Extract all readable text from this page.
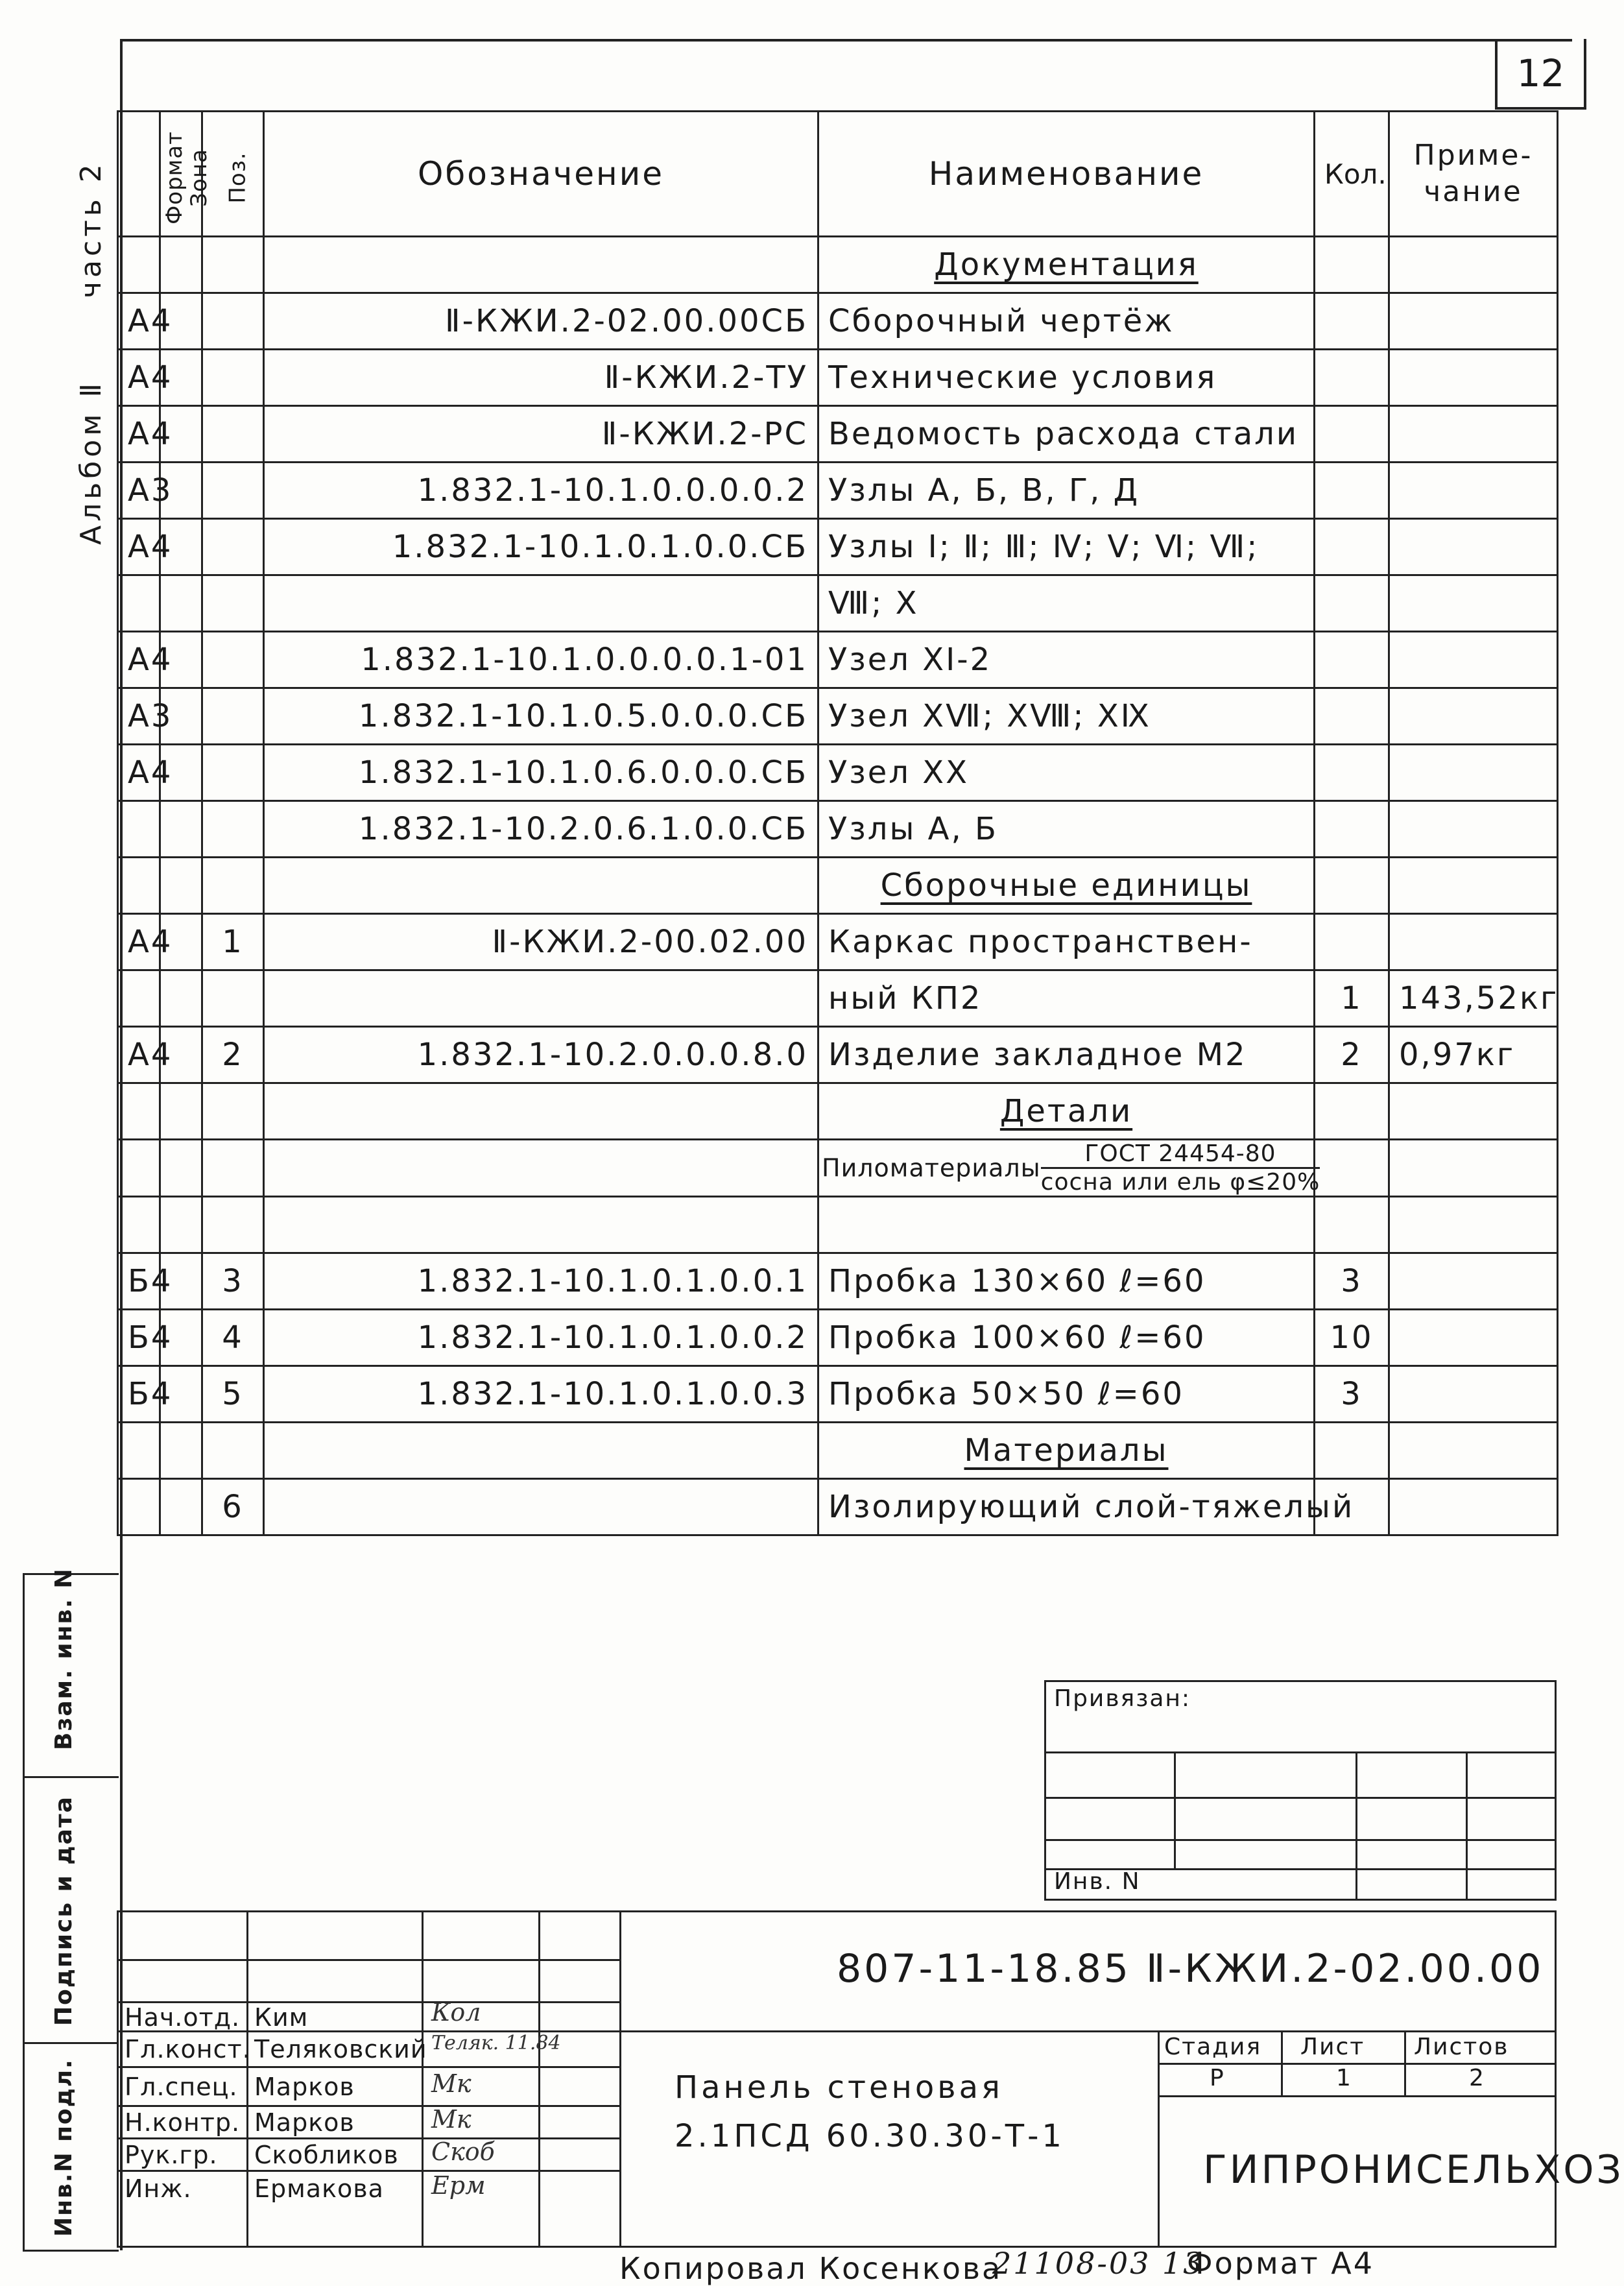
12
часть 2
Альбом Ⅱ
Формат	Зона	Поз.	Обозначение	Наименование	Кол.	Приме-чание
				Документация		
А4			Ⅱ-КЖИ.2-02.00.00СБ	Сборочный чертёж		
А4			Ⅱ-КЖИ.2-ТУ	Технические условия		
А4			Ⅱ-КЖИ.2-РС	Ведомость расхода стали		
А3			1.832.1-10.1.0.0.0.0.2	Узлы А, Б, В, Г, Д		
А4			1.832.1-10.1.0.1.0.0.СБ	Узлы Ⅰ; Ⅱ; Ⅲ; Ⅳ; Ⅴ; Ⅵ; Ⅶ;		
				Ⅷ; Ⅹ		
А4			1.832.1-10.1.0.0.0.0.1-01	Узел ⅩⅠ-2		
А3			1.832.1-10.1.0.5.0.0.0.СБ	Узел ⅩⅦ; ⅩⅧ; ⅩⅨ		
А4			1.832.1-10.1.0.6.0.0.0.СБ	Узел ⅩⅩ		
			1.832.1-10.2.0.6.1.0.0.СБ	Узлы А, Б		
				Сборочные единицы		
А4		1	Ⅱ-КЖИ.2-00.02.00	Каркас пространствен-		
				ный КП2	1	143,52кг
А4		2	1.832.1-10.2.0.0.0.8.0	Изделие закладное М2	2	0,97кг
				Детали		
				Пиломатериалы $\frac{\text{ГОСТ 24454-80}}{\text{сосна или ель φ≤20\%}}$

Б4		3	1.832.1-10.1.0.1.0.0.1	Пробка 130×60 ℓ=60	3	
Б4		4	1.832.1-10.1.0.1.0.0.2	Пробка 100×60 ℓ=60	10	
Б4		5	1.832.1-10.1.0.1.0.0.3	Пробка 50×50 ℓ=60	3	
				Материалы		
		6		Изолирующий слой-тяжелый		
Взам. инв. N
Подпись и дата
Инв.N подл.
Привязан:
Инв. N
807-11-18.85 Ⅱ-КЖИ.2-02.00.00
Нач.отд. Ким	Кол
Гл.конст. Теляковский Теляк. 11.84
Гл.спец. Марков	Мк
Н.контр. Марков	Мк
Рук.гр. Скобликов Скоб
Инж.	Ермакова Ерм
Панель стеновая
2.1ПСД 60.30.30-Т-1
Стадия Лист Листов
Р	1	2
ГИПРОНИСЕЛЬХОЗ
Копировал Косенкова
21108-03 13
Формат А4
